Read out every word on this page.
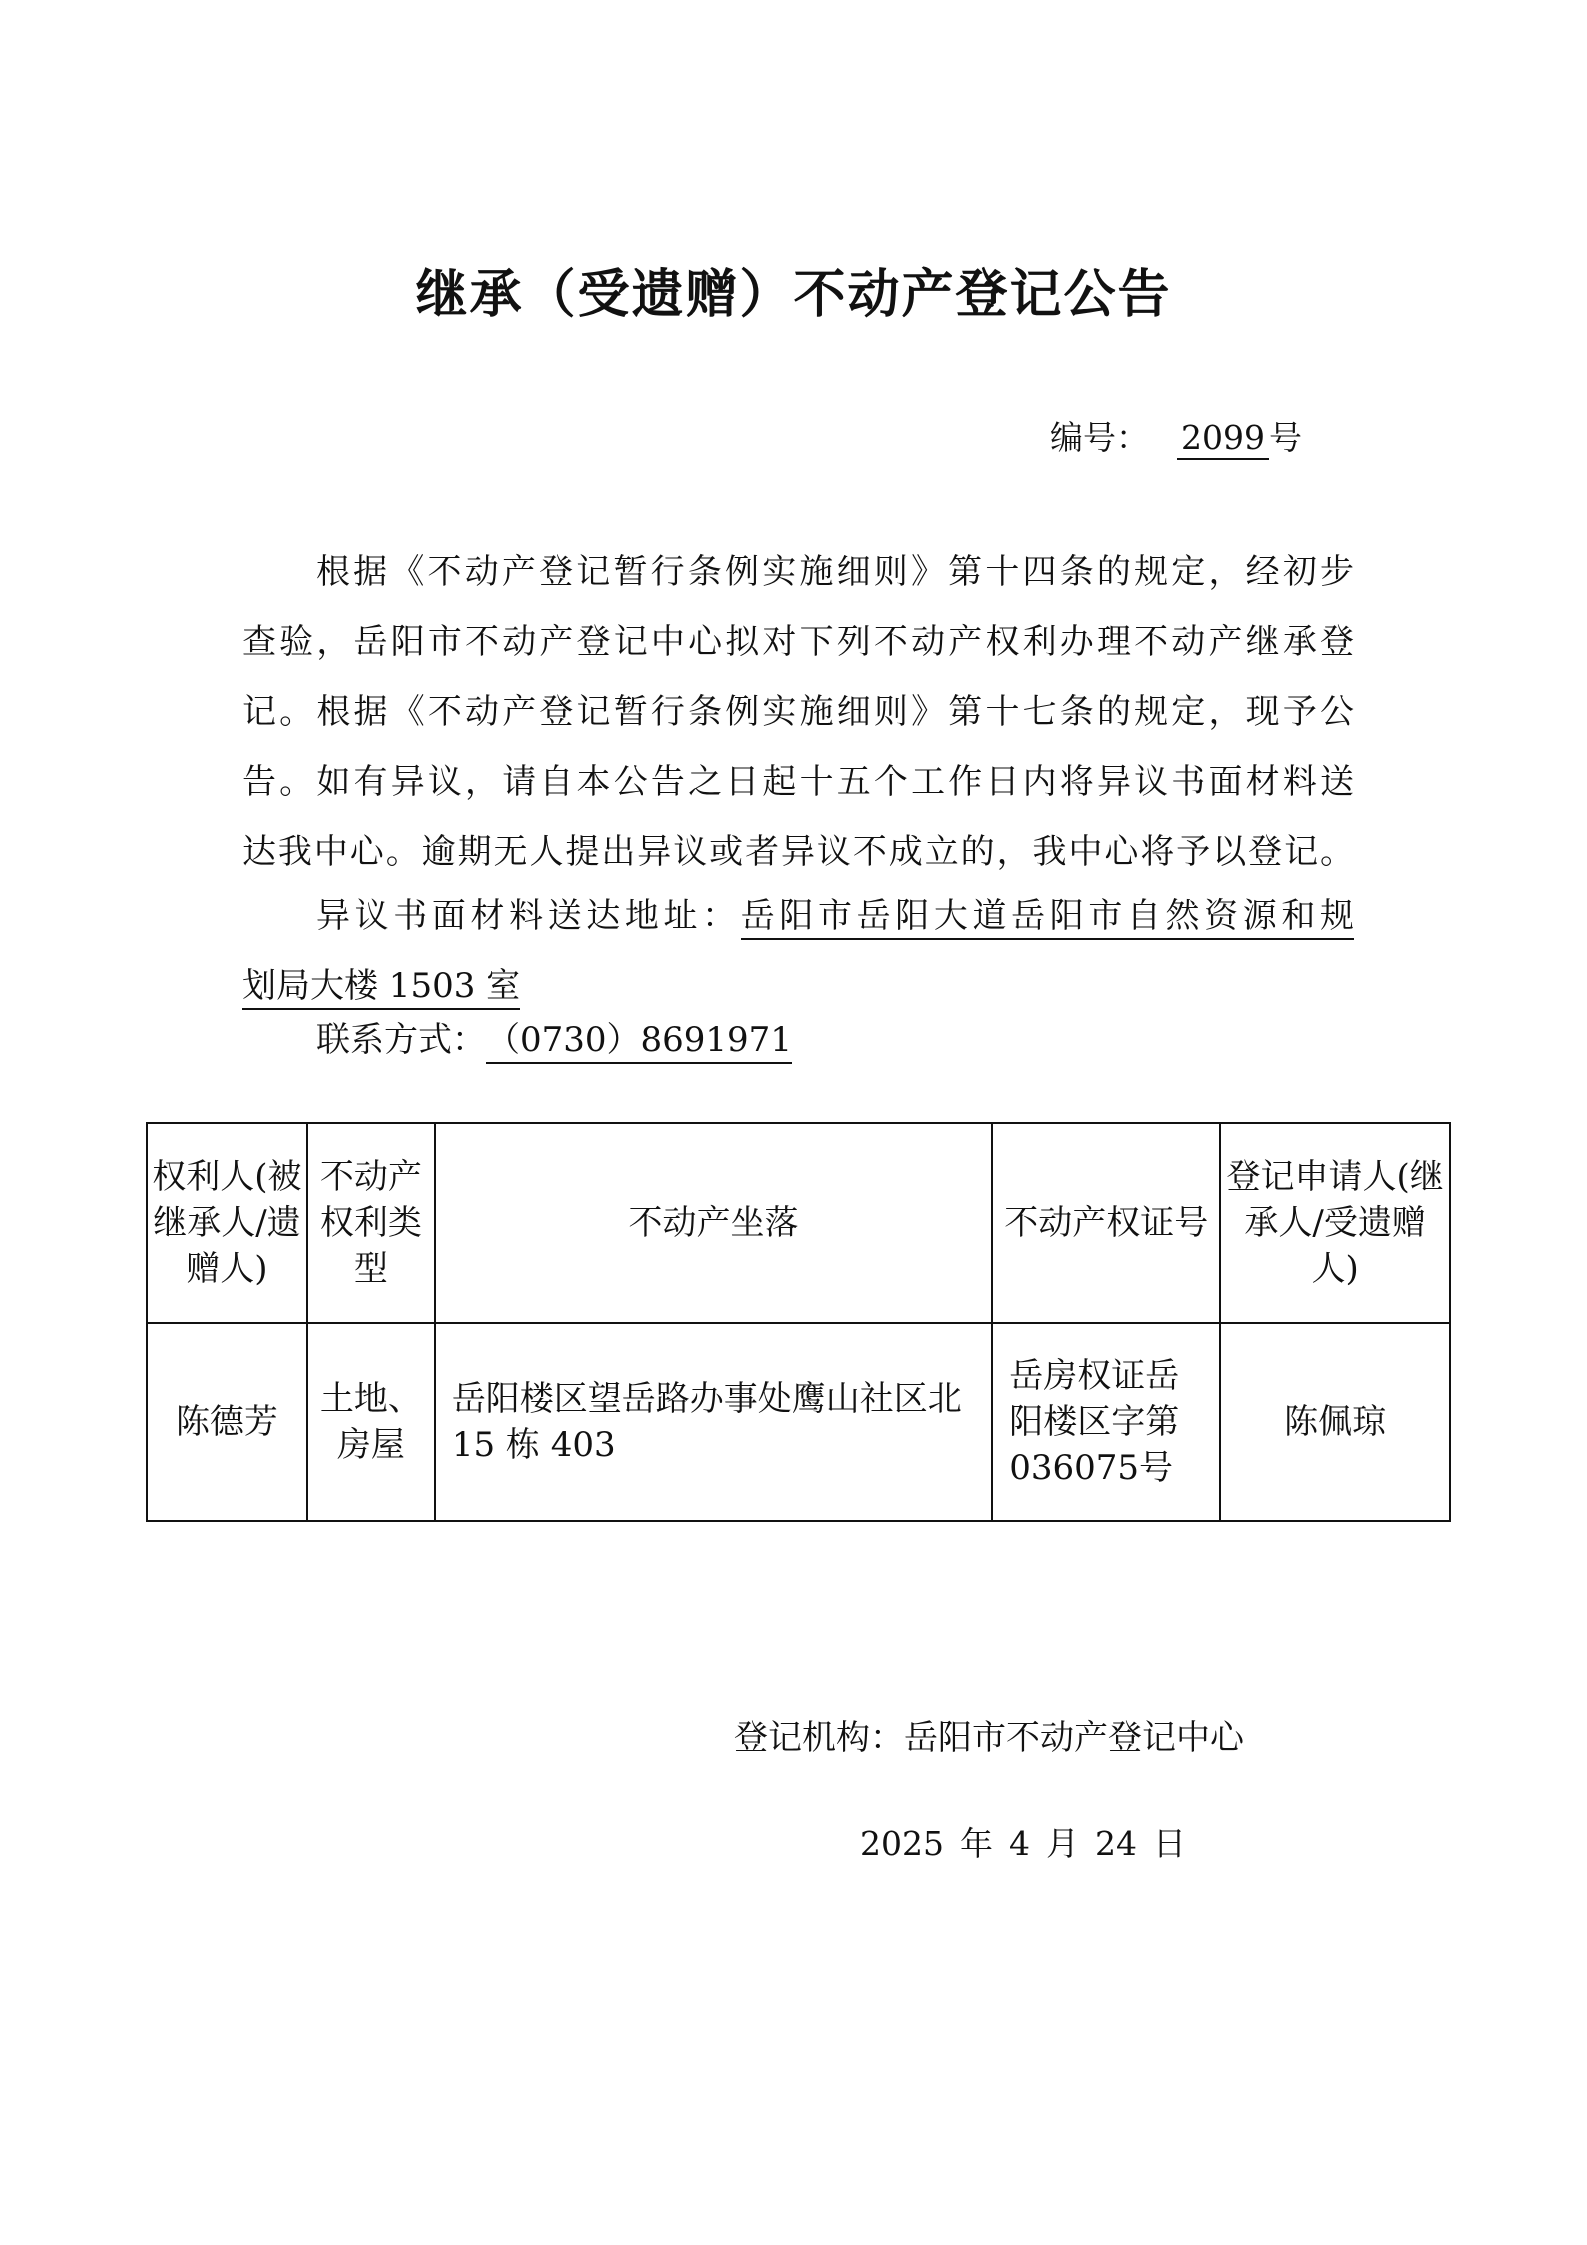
继承（受遗赠）不动产登记公告
编号： 2099 号
根据《不动产登记暂行条例实施细则》第十四条的规定，经初步
查验，岳阳市不动产登记中心拟对下列不动产权利办理不动产继承登
记。根据《不动产登记暂行条例实施细则》第十七条的规定，现予公
告。如有异议，请自本公告之日起十五个工作日内将异议书面材料送
达我中心。逾期无人提出异议或者异议不成立的，我中心将予以登记。
异议书面材料送达地址：岳阳市岳阳大道岳阳市自然资源和规
划局大楼 1503 室
联系方式：（0730）8691971
权利人(被继承人/遗赠人)	不动产权利类型	不动产坐落	不动产权证号	登记申请人(继承人/受遗赠人)
陈德芳	土地、房屋	岳阳楼区望岳路办事处鹰山社区北 15 栋 403	岳房权证岳阳楼区字第036075号	陈佩琼
登记机构：岳阳市不动产登记中心
2025 年 4 月 24 日
